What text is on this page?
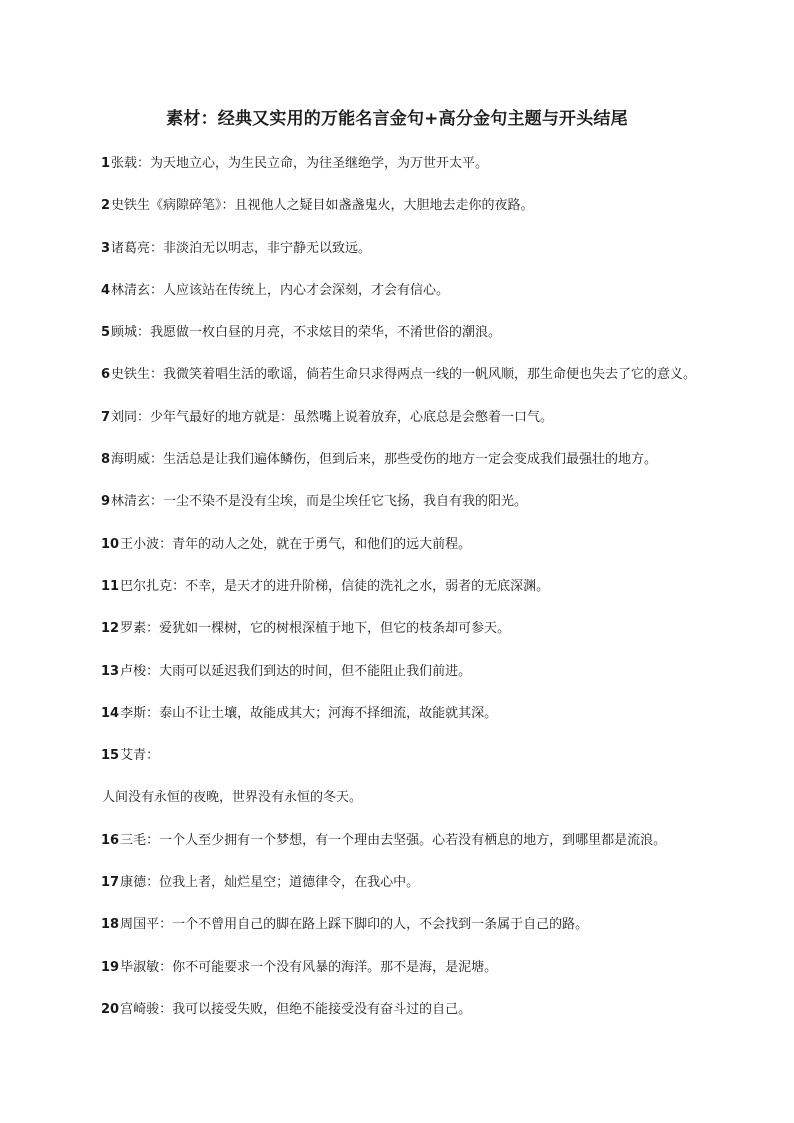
素材：经典又实用的万能名言金句+高分金句主题与开头结尾
1张载：为天地立心，为生民立命，为往圣继绝学，为万世开太平。
2史铁生《病隙碎笔》：且视他人之疑目如盏盏鬼火，大胆地去走你的夜路。
3诸葛亮：非淡泊无以明志，非宁静无以致远。
4林清玄：人应该站在传统上，内心才会深刻，才会有信心。
5顾城：我愿做一枚白昼的月亮，不求炫目的荣华，不淆世俗的潮浪。
6史铁生：我微笑着唱生活的歌谣，倘若生命只求得两点一线的一帆风顺，那生命便也失去了它的意义。
7刘同：少年气最好的地方就是：虽然嘴上说着放弃，心底总是会憋着一口气。
8海明威：生活总是让我们遍体鳞伤，但到后来，那些受伤的地方一定会变成我们最强壮的地方。
9林清玄：一尘不染不是没有尘埃，而是尘埃任它飞扬，我自有我的阳光。
10王小波：青年的动人之处，就在于勇气，和他们的远大前程。
11巴尔扎克：不幸，是天才的进升阶梯，信徒的洗礼之水，弱者的无底深渊。
12罗素：爱犹如一棵树，它的树根深植于地下，但它的枝条却可参天。
13卢梭：大雨可以延迟我们到达的时间，但不能阻止我们前进。
14李斯：泰山不让土壤，故能成其大；河海不择细流，故能就其深。
15艾青：
人间没有永恒的夜晚，世界没有永恒的冬天。
16三毛：一个人至少拥有一个梦想，有一个理由去坚强。心若没有栖息的地方，到哪里都是流浪。
17康德：位我上者，灿烂星空；道德律令，在我心中。
18周国平：一个不曾用自己的脚在路上踩下脚印的人，不会找到一条属于自己的路。
19毕淑敏：你不可能要求一个没有风暴的海洋。那不是海，是泥塘。
20宫崎骏：我可以接受失败，但绝不能接受没有奋斗过的自己。
